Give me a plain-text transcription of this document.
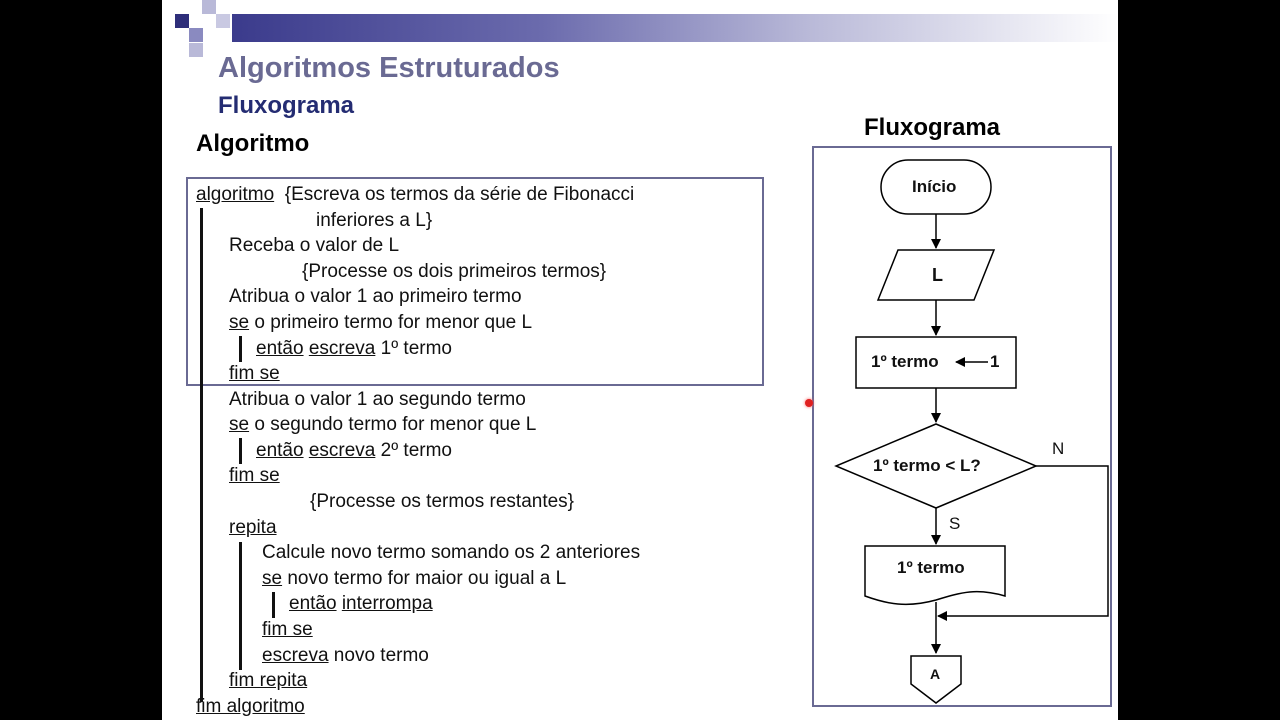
Algoritmos Estruturados
Fluxograma
Algoritmo
Fluxograma
algoritmo {Escreva os termos da série de Fibonacci
inferiores a L}
Receba o valor de L
{Processe os dois primeiros termos}
Atribua o valor 1 ao primeiro termo
se o primeiro termo for menor que L
então escreva 1º termo
fim se
Atribua o valor 1 ao segundo termo
se o segundo termo for menor que L
então escreva 2º termo
fim se
{Processe os termos restantes}
repita
Calcule novo termo somando os 2 anteriores
se novo termo for maior ou igual a L
então interrompa
fim se
escreva novo termo
fim repita
fim algoritmo
Início
L
1º termo	1
1º termo < L?
N
S
1º termo
A
